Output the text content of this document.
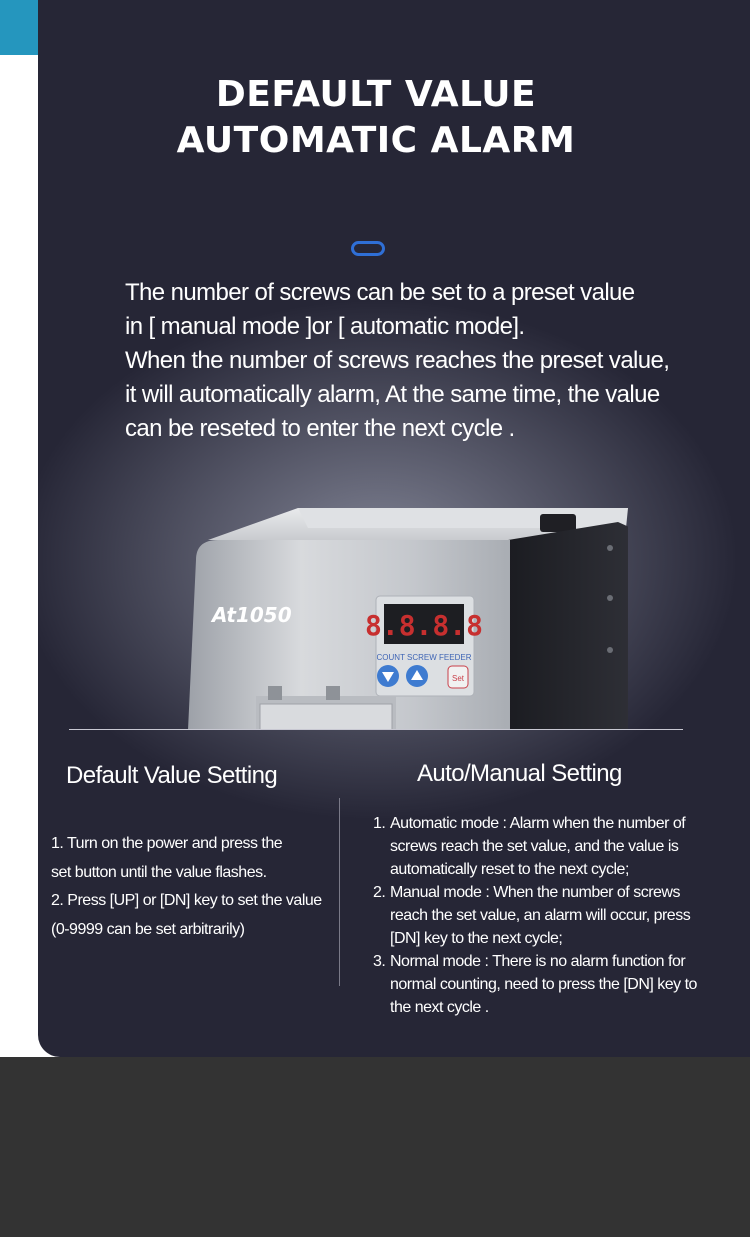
DEFAULT VALUE
AUTOMATIC ALARM
The number of screws can be set to a preset value
in [ manual mode ]or [ automatic mode].
When the number of screws reaches the preset value,
it will automatically alarm, At the same time, the value
can be reseted to enter the next cycle .
8.8.8.8
COUNT SCREW FEEDER
Set
At1050
Default Value Setting	Auto/Manual Setting
1. Turn on the power and press the
set button until the value flashes.
2. Press [UP] or [DN] key to set the value
(0-9999 can be set arbitrarily)
1. Automatic mode : Alarm when the number of
screws reach the set value, and the value is
automatically reset to the next cycle;
2. Manual mode : When the number of screws
reach the set value, an alarm will occur, press
[DN] key to the next cycle;
3. Normal mode : There is no alarm function for
normal counting, need to press the [DN] key to
the next cycle .
